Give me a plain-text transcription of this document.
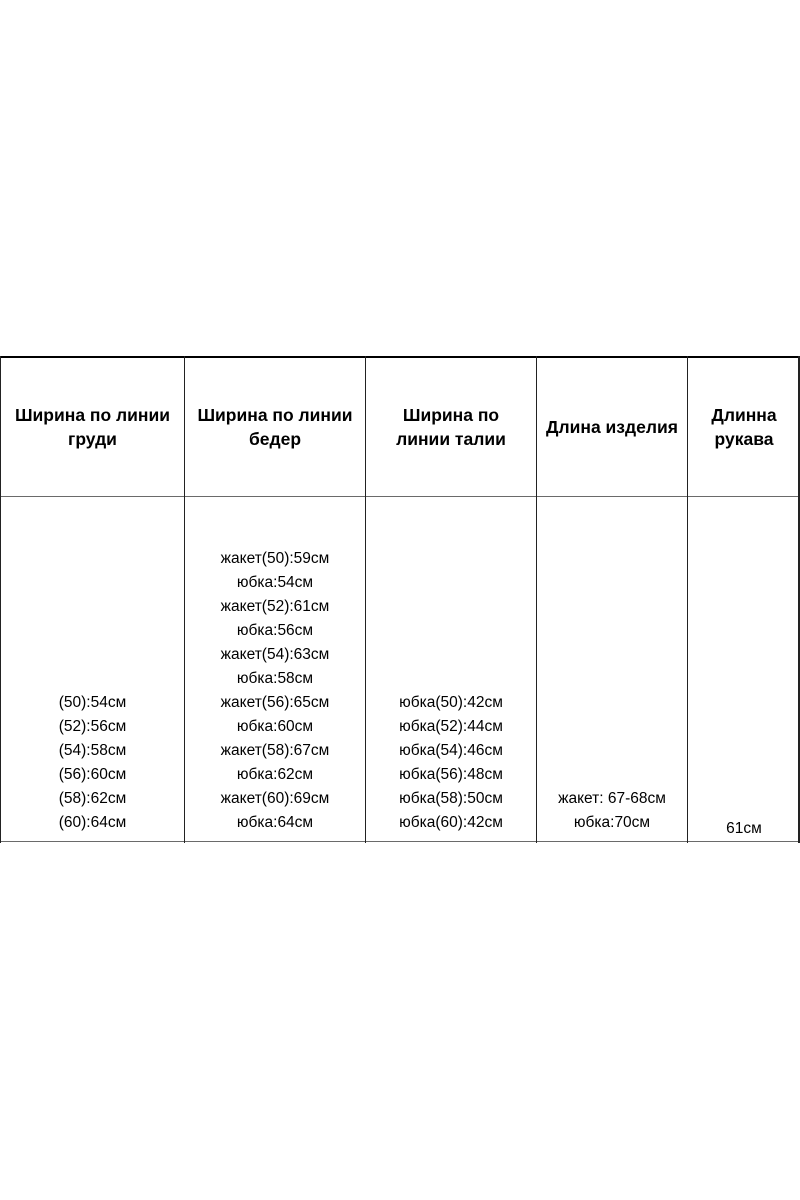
Ширина по линии
груди
Ширина по линии
бедер
Ширина по
линии талии
Длина изделия
Длинна
рукава
(50):54см
(52):56см
(54):58см
(56):60см
(58):62см
(60):64см
жакет(50):59см
юбка:54см
жакет(52):61см
юбка:56см
жакет(54):63см
юбка:58см
жакет(56):65см
юбка:60см
жакет(58):67см
юбка:62см
жакет(60):69см
юбка:64см
юбка(50):42см
юбка(52):44см
юбка(54):46см
юбка(56):48см
юбка(58):50см
юбка(60):42см
жакет: 67-68см
юбка:70см	61см
